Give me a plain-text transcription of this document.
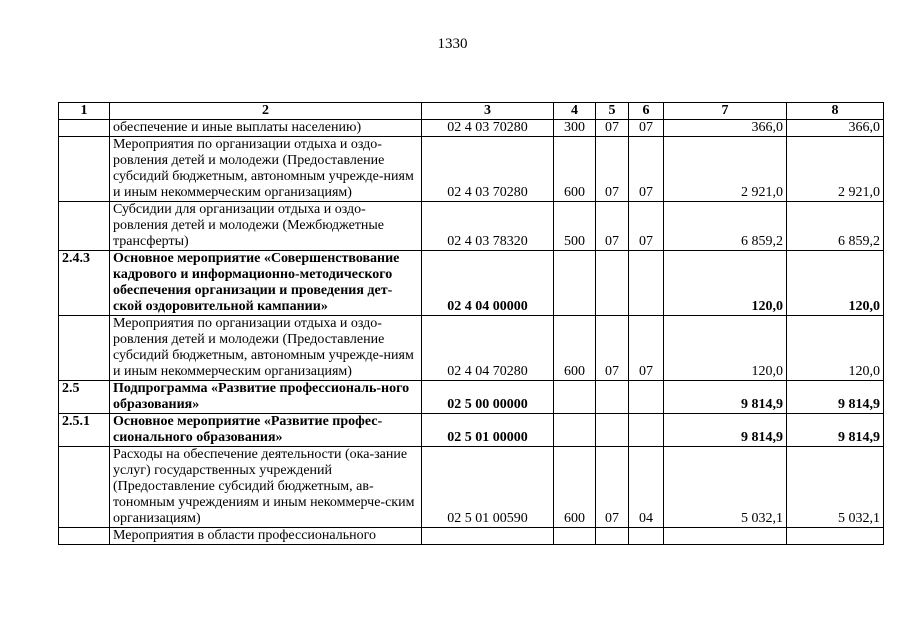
1330
1	2	3	4	5	6	7	8
	обеспечение и иные выплаты населению)	02 4 03 70280	300	07	07	366,0	366,0
	Мероприятия по организации отдыха и оздо-ровления детей и молодежи (Предоставление субсидий бюджетным, автономным учрежде-ниям и иным некоммерческим организациям)	02 4 03 70280	600	07	07	2 921,0	2 921,0
	Субсидии для организации отдыха и оздо-ровления детей и молодежи (Межбюджетные трансферты)	02 4 03 78320	500	07	07	6 859,2	6 859,2
2.4.3	Основное мероприятие «Совершенствование кадрового и информационно-методического обеспечения организации и проведения дет-ской оздоровительной кампании»	02 4 04 00000				120,0	120,0
	Мероприятия по организации отдыха и оздо-ровления детей и молодежи (Предоставление субсидий бюджетным, автономным учрежде-ниям и иным некоммерческим организациям)	02 4 04 70280	600	07	07	120,0	120,0
2.5	Подпрограмма «Развитие профессиональ-ного образования»	02 5 00 00000				9 814,9	9 814,9
2.5.1	Основное мероприятие «Развитие профес-сионального образования»	02 5 01 00000				9 814,9	9 814,9
	Расходы на обеспечение деятельности (ока-зание услуг) государственных учреждений (Предоставление субсидий бюджетным, ав-тономным учреждениям и иным некоммерче-ским организациям)	02 5 01 00590	600	07	04	5 032,1	5 032,1
	Мероприятия в области профессионального						
